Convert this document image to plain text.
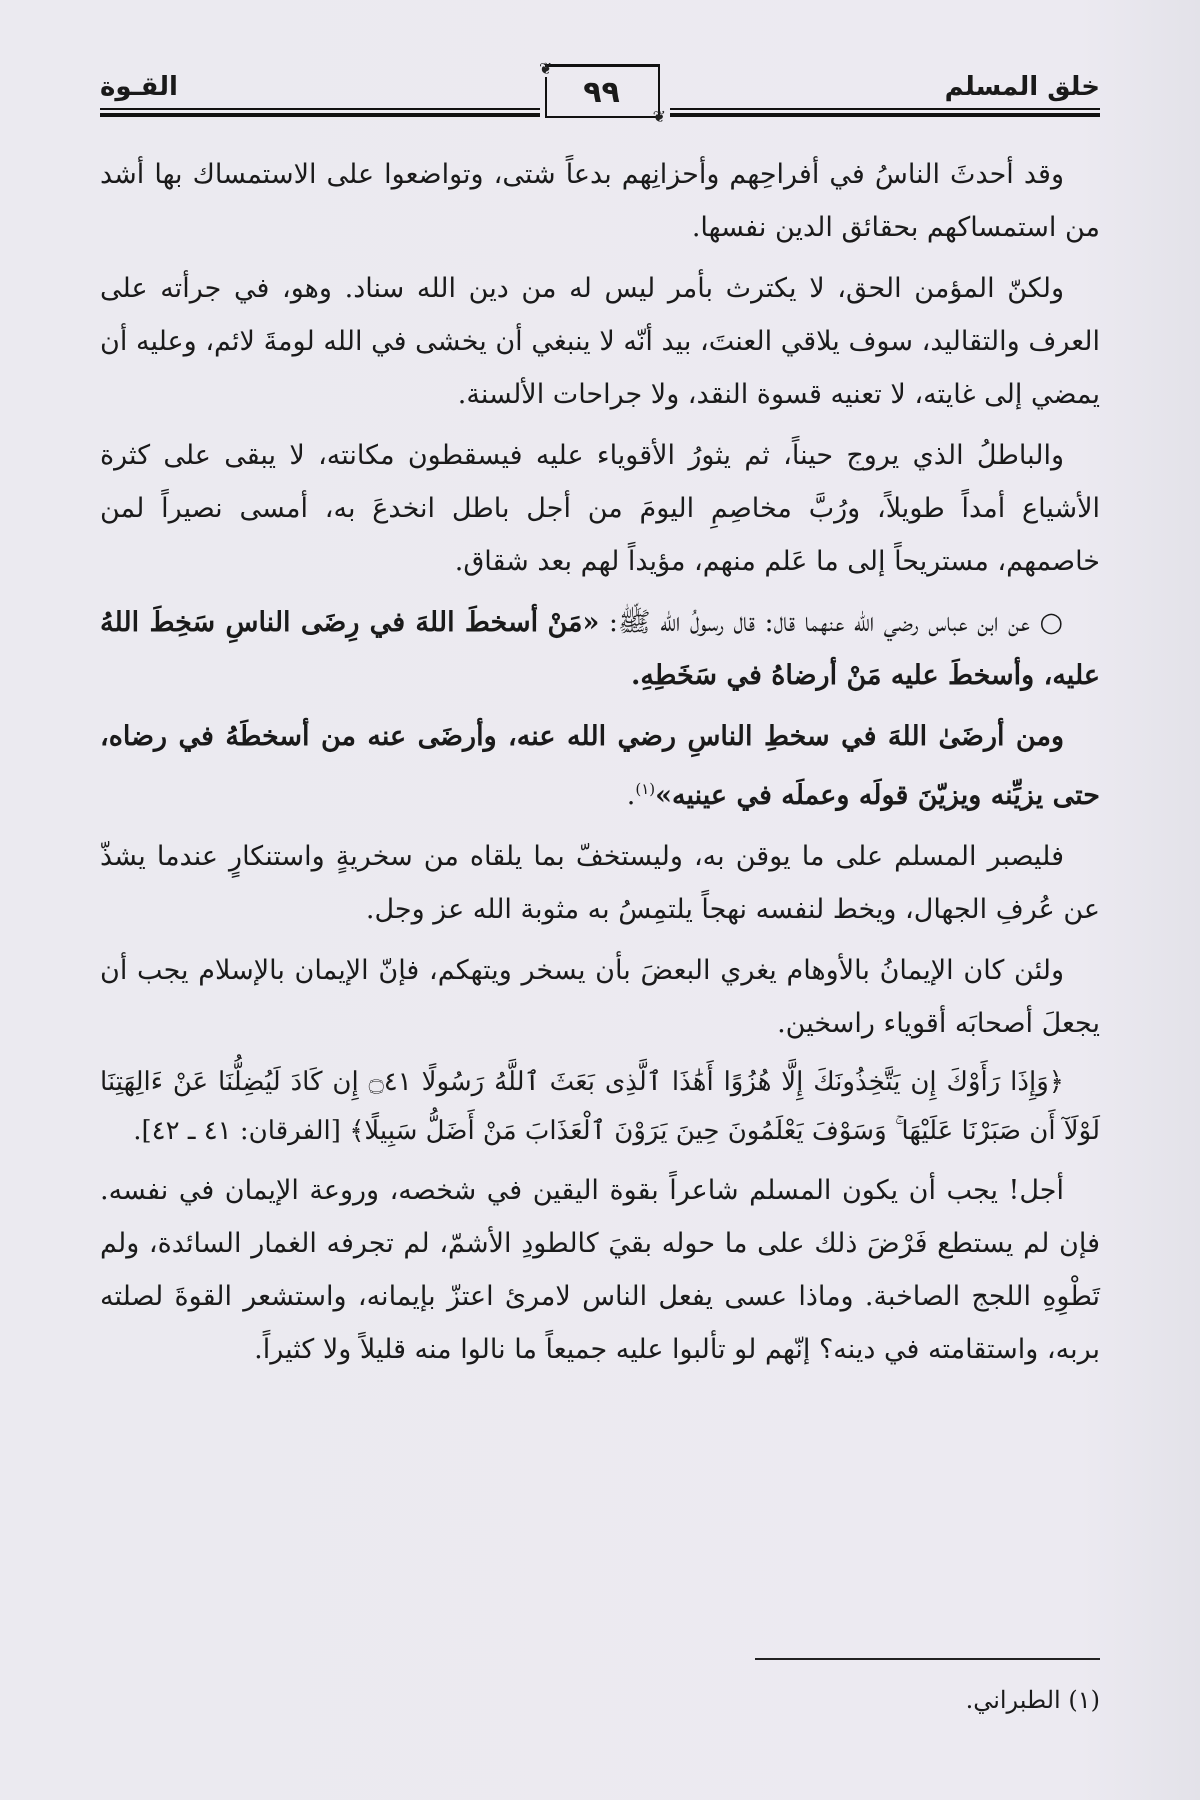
خلق المسلم
❦
٩٩
❦
القـوة

وقد أحدثَ الناسُ في أفراحِهم وأحزانِهم بدعاً شتى، وتواضعوا على الاستمساك بها أشد من استمساكهم بحقائق الدين نفسها.

ولكنّ المؤمن الحق، لا يكترث بأمر ليس له من دين الله سناد. وهو، في جرأته على العرف والتقاليد، سوف يلاقي العنتَ، بيد أنّه لا ينبغي أن يخشى في الله لومةَ لائم، وعليه أن يمضي إلى غايته، لا تعنيه قسوة النقد، ولا جراحات الألسنة.

والباطلُ الذي يروج حيناً، ثم يثورُ الأقوياء عليه فيسقطون مكانته، لا يبقى على كثرة الأشياع أمداً طويلاً، ورُبَّ مخاصِمِ اليومَ من أجل باطل انخدعَ به، أمسى نصيراً لمن خاصمهم، مستريحاً إلى ما عَلم منهم، مؤيداً لهم بعد شقاق.

○ عن ابن عباس رضي الله عنهما قال: قال رسولُ الله ﷺ: «مَنْ أسخطَ اللهَ في رِضَى الناسِ سَخِطَ اللهُ عليه، وأسخطَ عليه مَنْ أرضاهُ في سَخَطِهِ.

ومن أرضَىٰ اللهَ في سخطِ الناسِ رضي الله عنه، وأرضَى عنه من أسخطَهُ في رضاه، حتى يزيِّنه ويزيّنَ قولَه وعملَه في عينيه»$^{(١)}$.

فليصبر المسلم على ما يوقن به، وليستخفّ بما يلقاه من سخريةٍ واستنكارٍ عندما يشذّ عن عُرفِ الجهال، ويخط لنفسه نهجاً يلتمِسُ به مثوبة الله عز وجل.

ولئن كان الإيمانُ بالأوهام يغري البعضَ بأن يسخر ويتهكم، فإنّ الإيمان بالإسلام يجب أن يجعلَ أصحابَه أقوياء راسخين.

﴿وَإِذَا رَأَوْكَ إِن يَتَّخِذُونَكَ إِلَّا هُزُوًا أَهَٰذَا ٱلَّذِى بَعَثَ ٱللَّهُ رَسُولًا ۝٤١ إِن كَادَ لَيُضِلُّنَا عَنْ ءَالِهَتِنَا لَوْلَآ أَن صَبَرْنَا عَلَيْهَا ۚ وَسَوْفَ يَعْلَمُونَ حِينَ يَرَوْنَ ٱلْعَذَابَ مَنْ أَضَلُّ سَبِيلًا﴾ [الفرقان: ٤١ ـ ٤٢].

أجل! يجب أن يكون المسلم شاعراً بقوة اليقين في شخصه، وروعة الإيمان في نفسه. فإن لم يستطع فَرْضَ ذلك على ما حوله بقيَ كالطودِ الأشمّ، لم تجرفه الغمار السائدة، ولم تَطْوِهِ اللجج الصاخبة. وماذا عسى يفعل الناس لامرئ اعتزّ بإيمانه، واستشعر القوةَ لصلته بربه، واستقامته في دينه؟ إنّهم لو تألبوا عليه جميعاً ما نالوا منه قليلاً ولا كثيراً.

(١) الطبراني.
